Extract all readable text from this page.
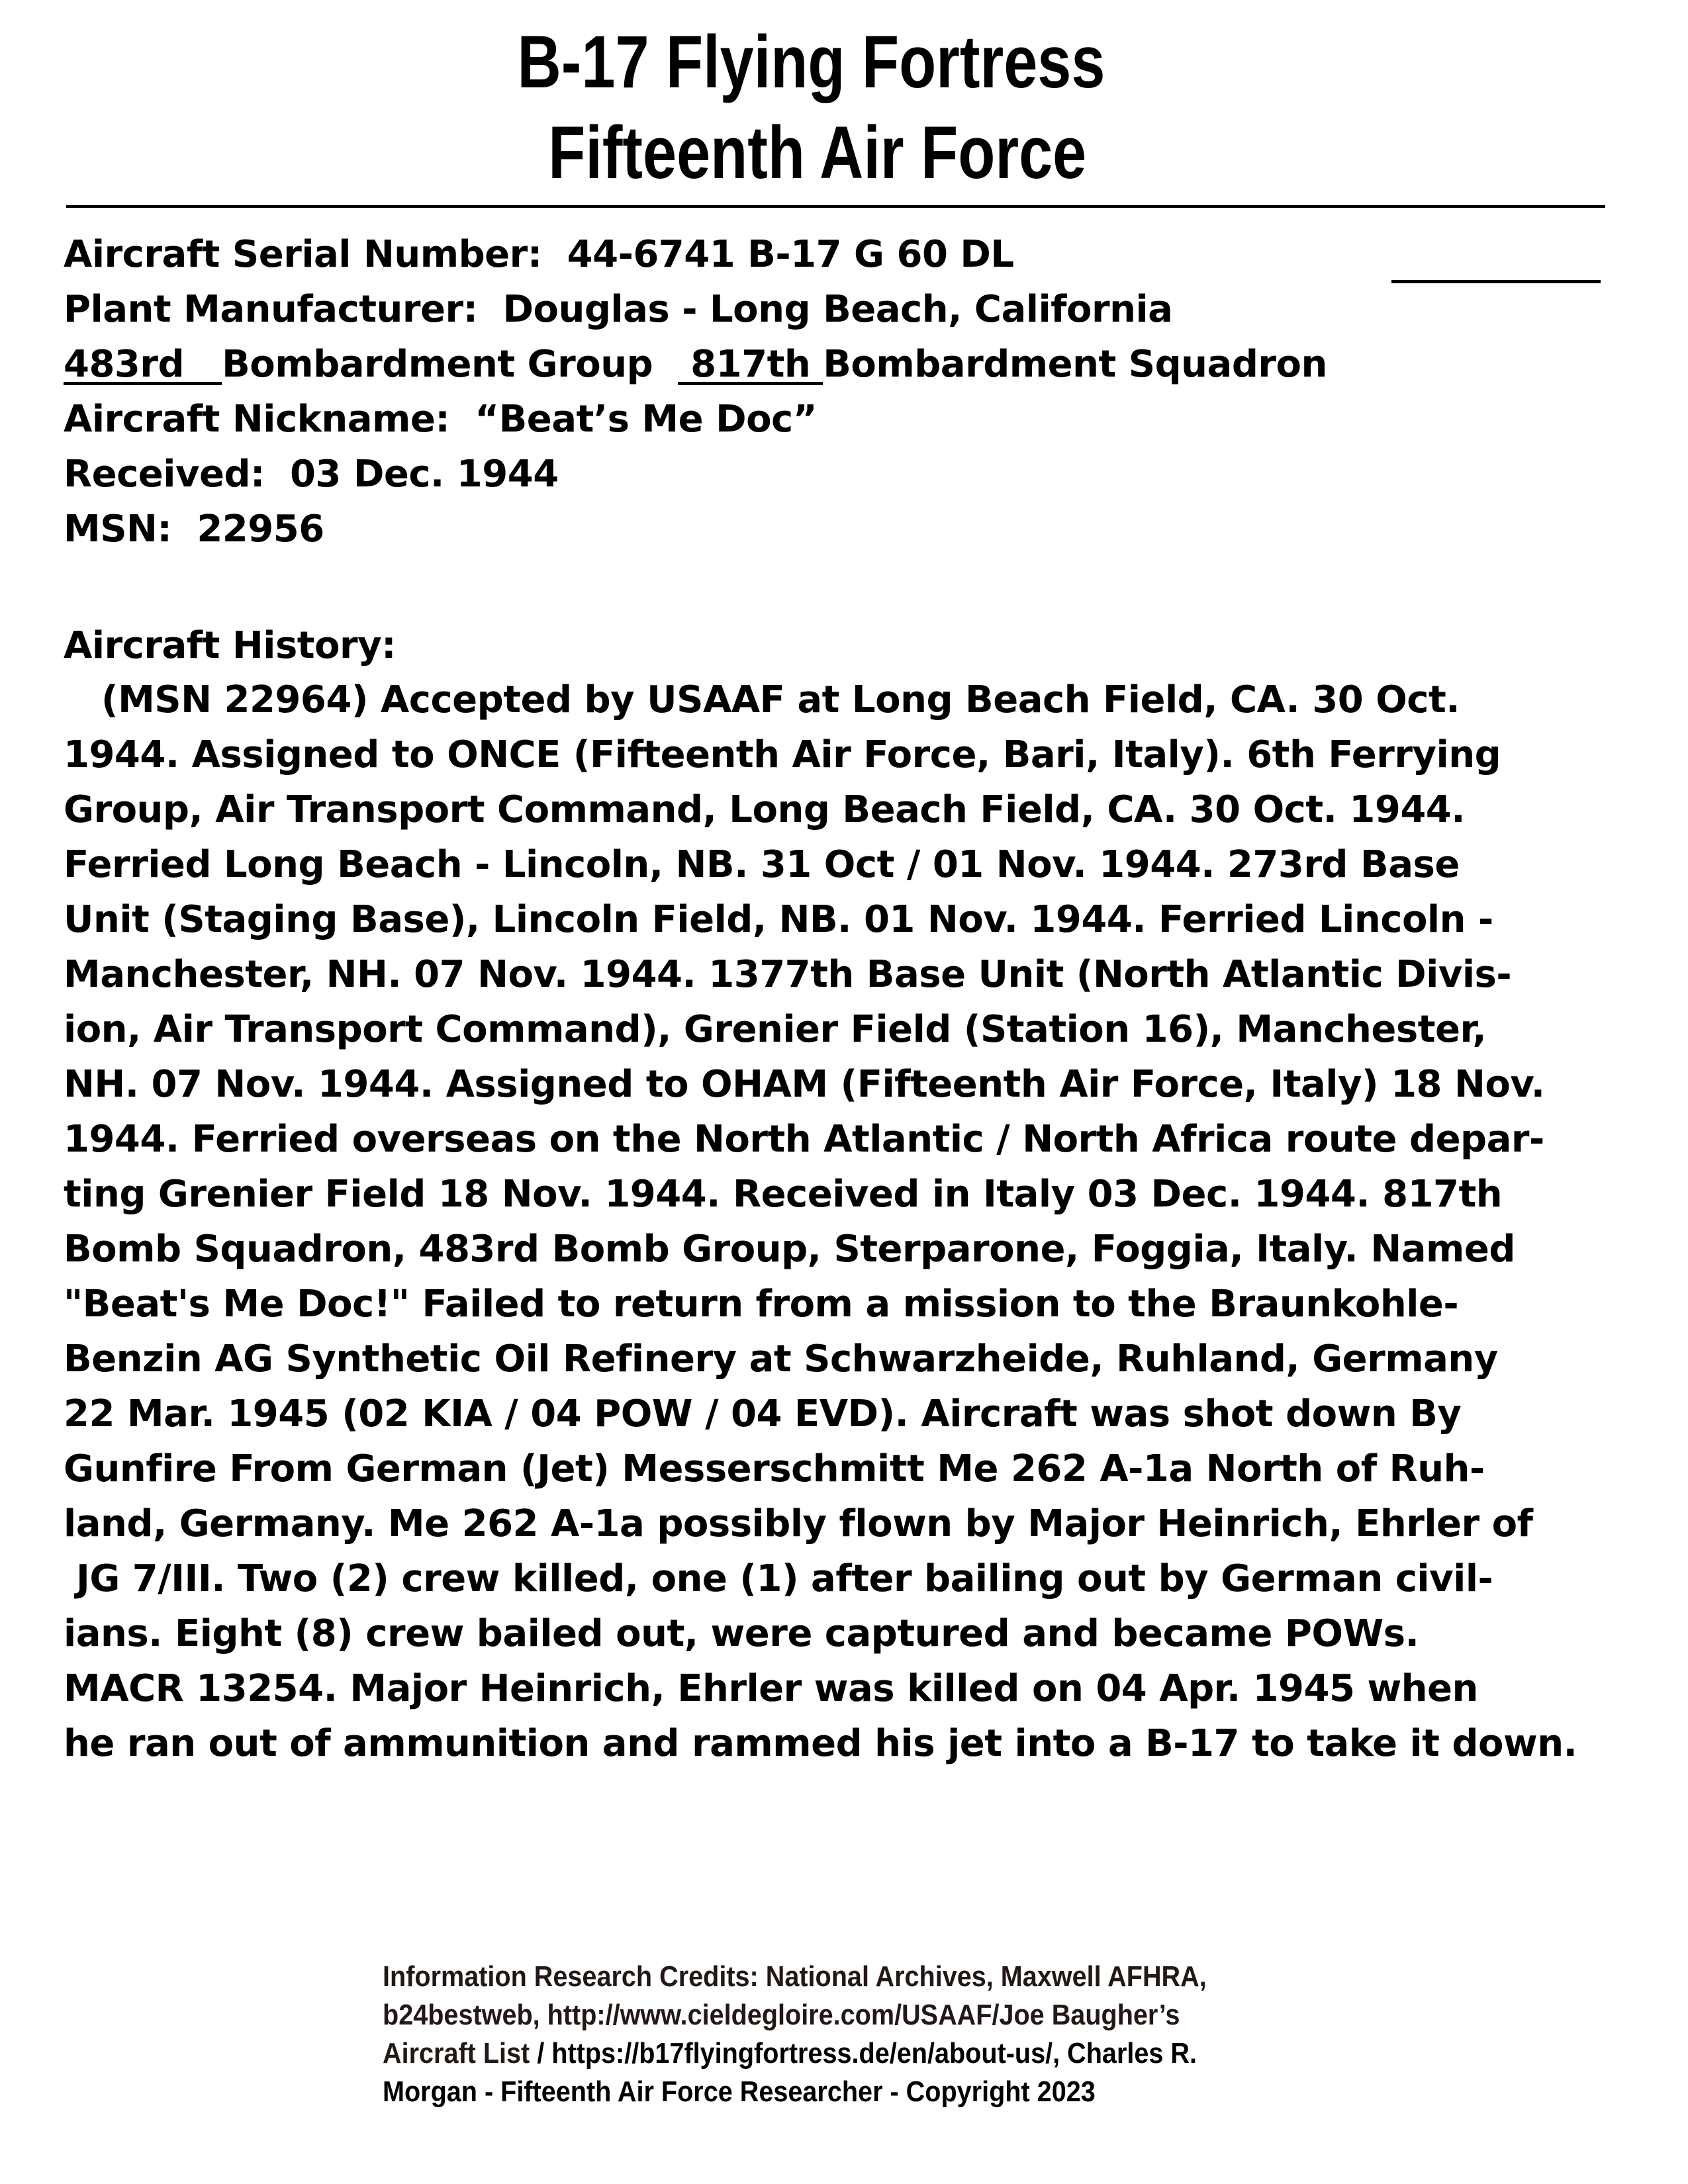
B-17 Flying Fortress
Fifteenth Air Force
Aircraft Serial Number: 44-6741 B-17 G 60 DL
Plant Manufacturer: Douglas - Long Beach, California
483rd Bombardment Group 817th Bombardment Squadron
Aircraft Nickname: “Beat’s Me Doc”
Received: 03 Dec. 1944
MSN: 22956
Aircraft History:
(MSN 22964) Accepted by USAAF at Long Beach Field, CA. 30 Oct.
1944. Assigned to ONCE (Fifteenth Air Force, Bari, Italy). 6th Ferrying
Group, Air Transport Command, Long Beach Field, CA. 30 Oct. 1944.
Ferried Long Beach - Lincoln, NB. 31 Oct / 01 Nov. 1944. 273rd Base
Unit (Staging Base), Lincoln Field, NB. 01 Nov. 1944. Ferried Lincoln -
Manchester, NH. 07 Nov. 1944. 1377th Base Unit (North Atlantic Divis-
ion, Air Transport Command), Grenier Field (Station 16), Manchester,
NH. 07 Nov. 1944. Assigned to OHAM (Fifteenth Air Force, Italy) 18 Nov.
1944. Ferried overseas on the North Atlantic / North Africa route depar-
ting Grenier Field 18 Nov. 1944. Received in Italy 03 Dec. 1944. 817th
Bomb Squadron, 483rd Bomb Group, Sterparone, Foggia, Italy. Named
"Beat's Me Doc!" Failed to return from a mission to the Braunkohle-
Benzin AG Synthetic Oil Refinery at Schwarzheide, Ruhland, Germany
22 Mar. 1945 (02 KIA / 04 POW / 04 EVD). Aircraft was shot down By
Gunfire From German (Jet) Messerschmitt Me 262 A-1a North of Ruh-
land, Germany. Me 262 A-1a possibly flown by Major Heinrich, Ehrler of
JG 7/III. Two (2) crew killed, one (1) after bailing out by German civil-
ians. Eight (8) crew bailed out, were captured and became POWs.
MACR 13254. Major Heinrich, Ehrler was killed on 04 Apr. 1945 when
he ran out of ammunition and rammed his jet into a B-17 to take it down.
Information Research Credits: National Archives, Maxwell AFHRA,
b24bestweb, http://www.cieldegloire.com/USAAF/Joe Baugher’s
Aircraft List / https://b17flyingfortress.de/en/about-us/, Charles R.
Morgan - Fifteenth Air Force Researcher - Copyright 2023
